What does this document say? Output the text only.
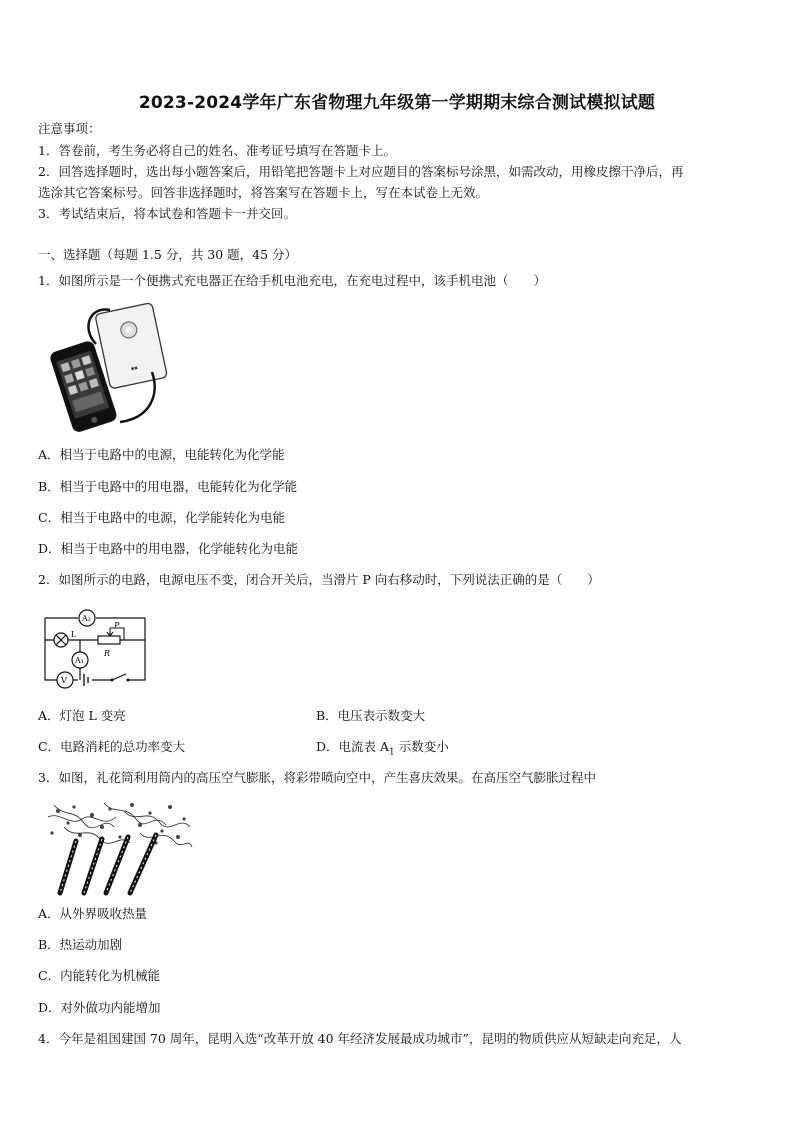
2023-2024学年广东省物理九年级第一学期期末综合测试模拟试题
注意事项：
1．答卷前，考生务必将自己的姓名、准考证号填写在答题卡上。
2．回答选择题时，选出每小题答案后，用铅笔把答题卡上对应题目的答案标号涂黑，如需改动，用橡皮擦干净后，再
选涂其它答案标号。回答非选择题时，将答案写在答题卡上，写在本试卷上无效。
3．考试结束后，将本试卷和答题卡一并交回。
一、选择题（每题 1.5 分，共 30 题，45 分）
1．如图所示是一个便携式充电器正在给手机电池充电，在充电过程中，该手机电池（　　）
▪▪
A．相当于电路中的电源，电能转化为化学能
B．相当于电路中的用电器，电能转化为化学能
C．相当于电路中的电源，化学能转化为电能
D．相当于电路中的用电器，化学能转化为电能
2．如图所示的电路，电源电压不变，闭合开关后，当滑片 P 向右移动时，下列说法正确的是（　　）
A₂
L
P
R
A₁
V
A．灯泡 L 变亮	B．电压表示数变大
C．电路消耗的总功率变大	D．电流表 $A_1$ 示数变小
3．如图，礼花筒利用筒内的高压空气膨胀，将彩带喷向空中，产生喜庆效果。在高压空气膨胀过程中
A．从外界吸收热量
B．热运动加剧
C．内能转化为机械能
D．对外做功内能增加
4．今年是祖国建国 70 周年，昆明入选“改革开放 40 年经济发展最成功城市”，昆明的物质供应从短缺走向充足，人
